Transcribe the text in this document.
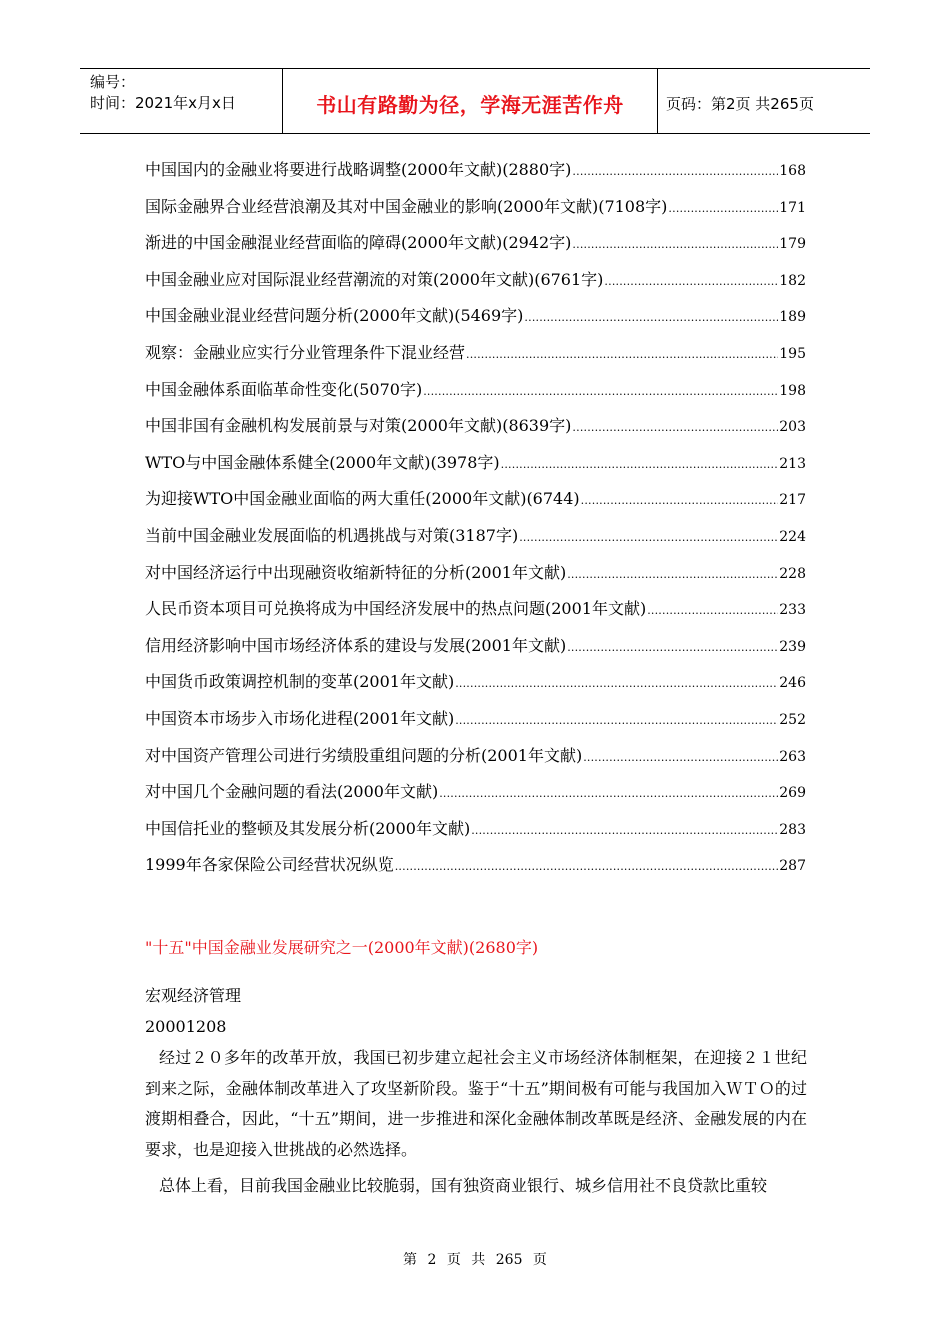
编号：
时间：2021年x月x日	书山有路勤为径，学海无涯苦作舟	页码：第2页 共265页
中国国内的金融业将要进行战略调整(2000年文献)(2880字) .....	168
国际金融界合业经营浪潮及其对中国金融业的影响(2000年文献)(7108字) .....	171
渐进的中国金融混业经营面临的障碍(2000年文献)(2942字) .....	179
中国金融业应对国际混业经营潮流的对策(2000年文献)(6761字) .....	182
中国金融业混业经营问题分析(2000年文献)(5469字) .....	189
观察：金融业应实行分业管理条件下混业经营 .....	195
中国金融体系面临革命性变化(5070字) .....	198
中国非国有金融机构发展前景与对策(2000年文献)(8639字) .....	203
WTO与中国金融体系健全(2000年文献)(3978字) .....	213
为迎接WTO中国金融业面临的两大重任(2000年文献)(6744) .....	217
当前中国金融业发展面临的机遇挑战与对策(3187字) .....	224
对中国经济运行中出现融资收缩新特征的分析(2001年文献) .....	228
人民币资本项目可兑换将成为中国经济发展中的热点问题(2001年文献) .....	233
信用经济影响中国市场经济体系的建设与发展(2001年文献) .....	239
中国货币政策调控机制的变革(2001年文献) .....	246
中国资本市场步入市场化进程(2001年文献) .....	252
对中国资产管理公司进行劣绩股重组问题的分析(2001年文献) .....	263
对中国几个金融问题的看法(2000年文献) .....	269
中国信托业的整顿及其发展分析(2000年文献) .....	283
1999年各家保险公司经营状况纵览 .....	287
"十五"中国金融业发展研究之一(2000年文献)(2680字)
宏观经济管理
20001208

经过２０多年的改革开放，我国已初步建立起社会主义市场经济体制框架，在迎接２１世纪到来之际，金融体制改革进入了攻坚新阶段。鉴于“十五”期间极有可能与我国加入ＷＴＯ的过渡期相叠合，因此，“十五”期间，进一步推进和深化金融体制改革既是经济、金融发展的内在要求，也是迎接入世挑战的必然选择。

总体上看，目前我国金融业比较脆弱，国有独资商业银行、城乡信用社不良贷款比重较

第 2 页 共 265 页
